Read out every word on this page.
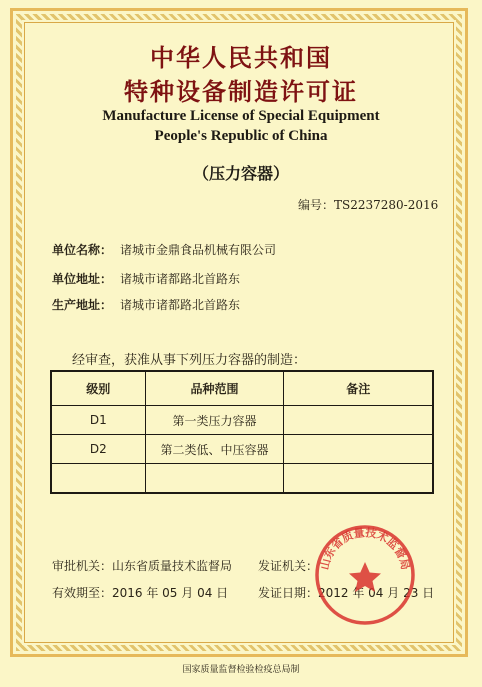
中华人民共和国
特种设备制造许可证
Manufacture License of Special Equipment
People's Republic of China
（压力容器）
编号：TS2237280-2016
单位名称： 诸城市金鼎食品机械有限公司
单位地址： 诸城市诸都路北首路东
生产地址： 诸城市诸都路北首路东
经审查，获准从事下列压力容器的制造：
级别	品种范围	备注
D1	第一类压力容器	
D2	第二类低、中压容器	

审批机关：山东省质量技术监督局 发证机关：
有效期至：2016 年 05 月 04 日 发证日期：2012 年 04 月 23 日
山东省质量技术监督局
国家质量监督检验检疫总局制
